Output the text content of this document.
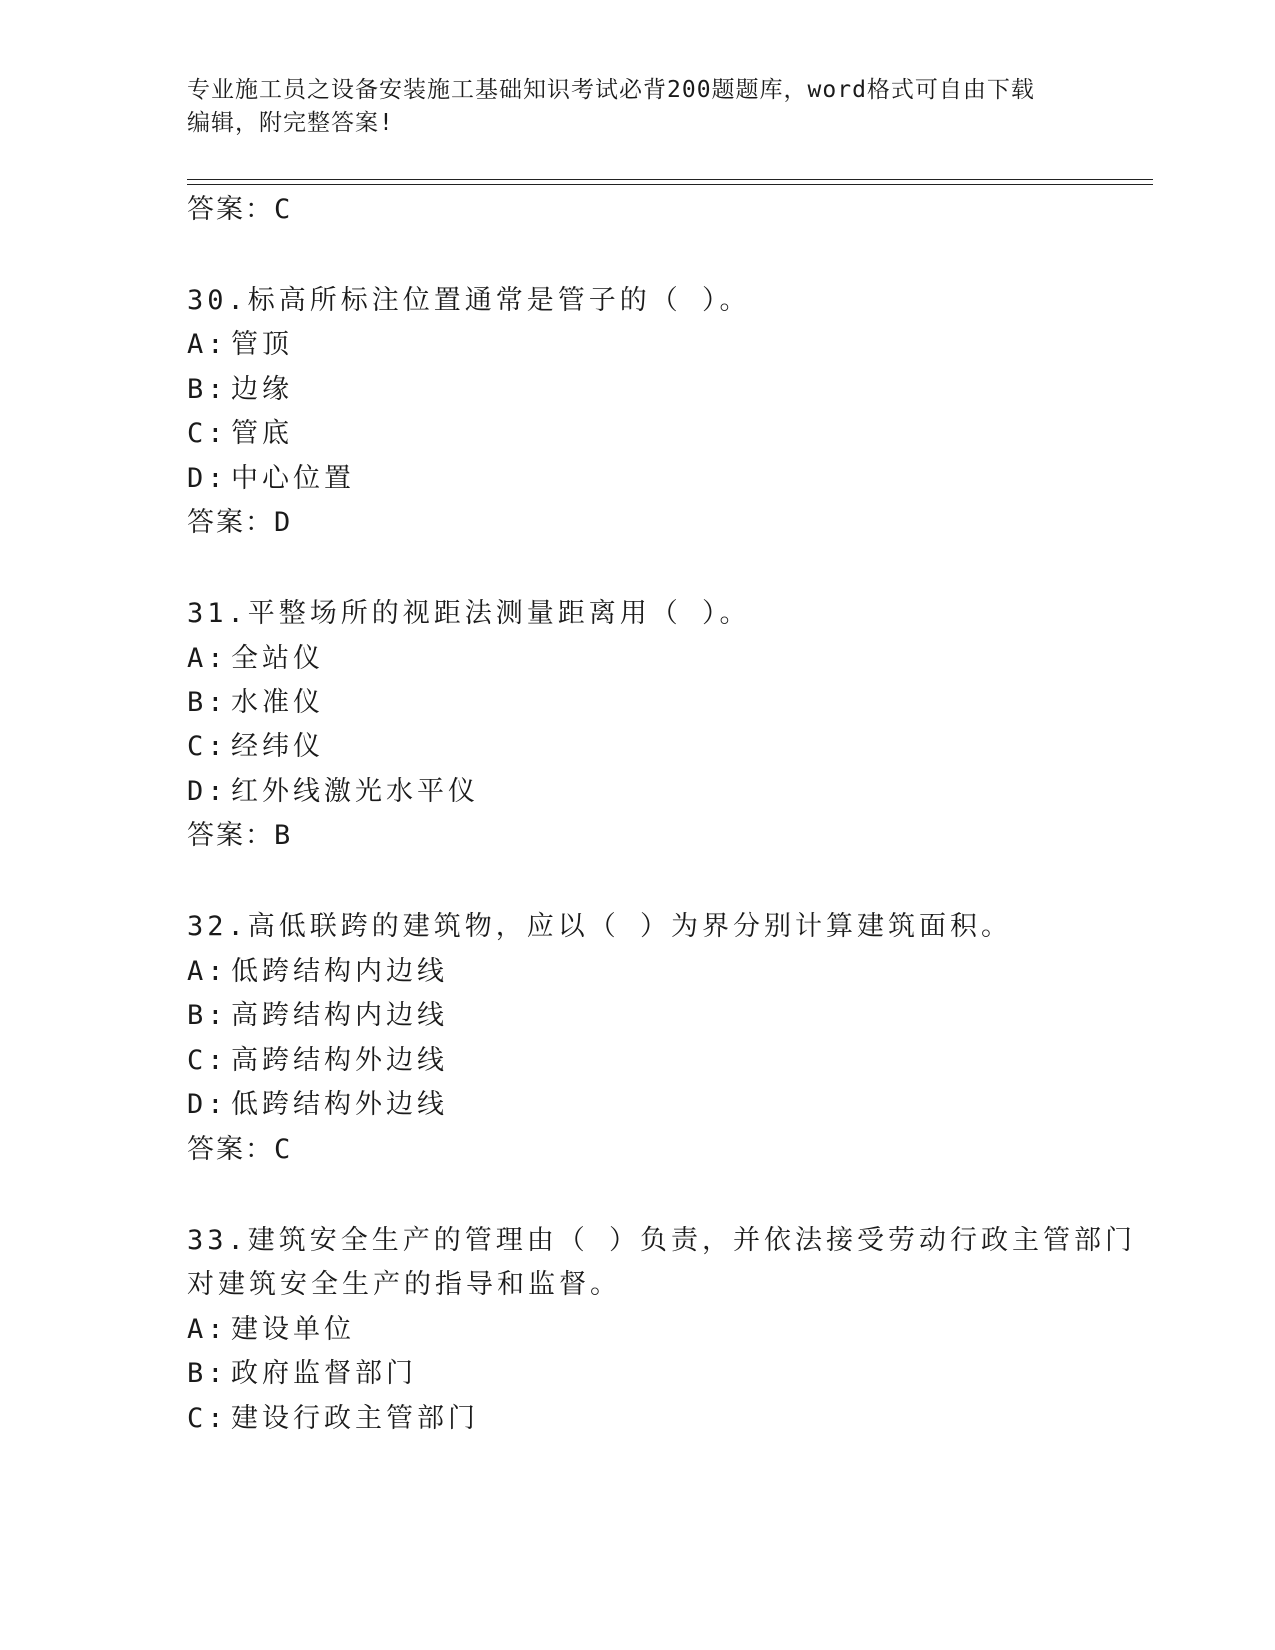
专业施工员之设备安装施工基础知识考试必背200题题库，word格式可自由下载
编辑，附完整答案!
答案：C
30.标高所标注位置通常是管子的（ ）。
A: 管顶
B: 边缘
C: 管底
D: 中心位置
答案：D
31.平整场所的视距法测量距离用（ ）。
A: 全站仪
B: 水准仪
C: 经纬仪
D: 红外线激光水平仪
答案：B
32.高低联跨的建筑物，应以（ ）为界分别计算建筑面积。
A: 低跨结构内边线
B: 高跨结构内边线
C: 高跨结构外边线
D: 低跨结构外边线
答案：C
33.建筑安全生产的管理由（ ）负责，并依法接受劳动行政主管部门
对建筑安全生产的指导和监督。
A: 建设单位
B: 政府监督部门
C: 建设行政主管部门
